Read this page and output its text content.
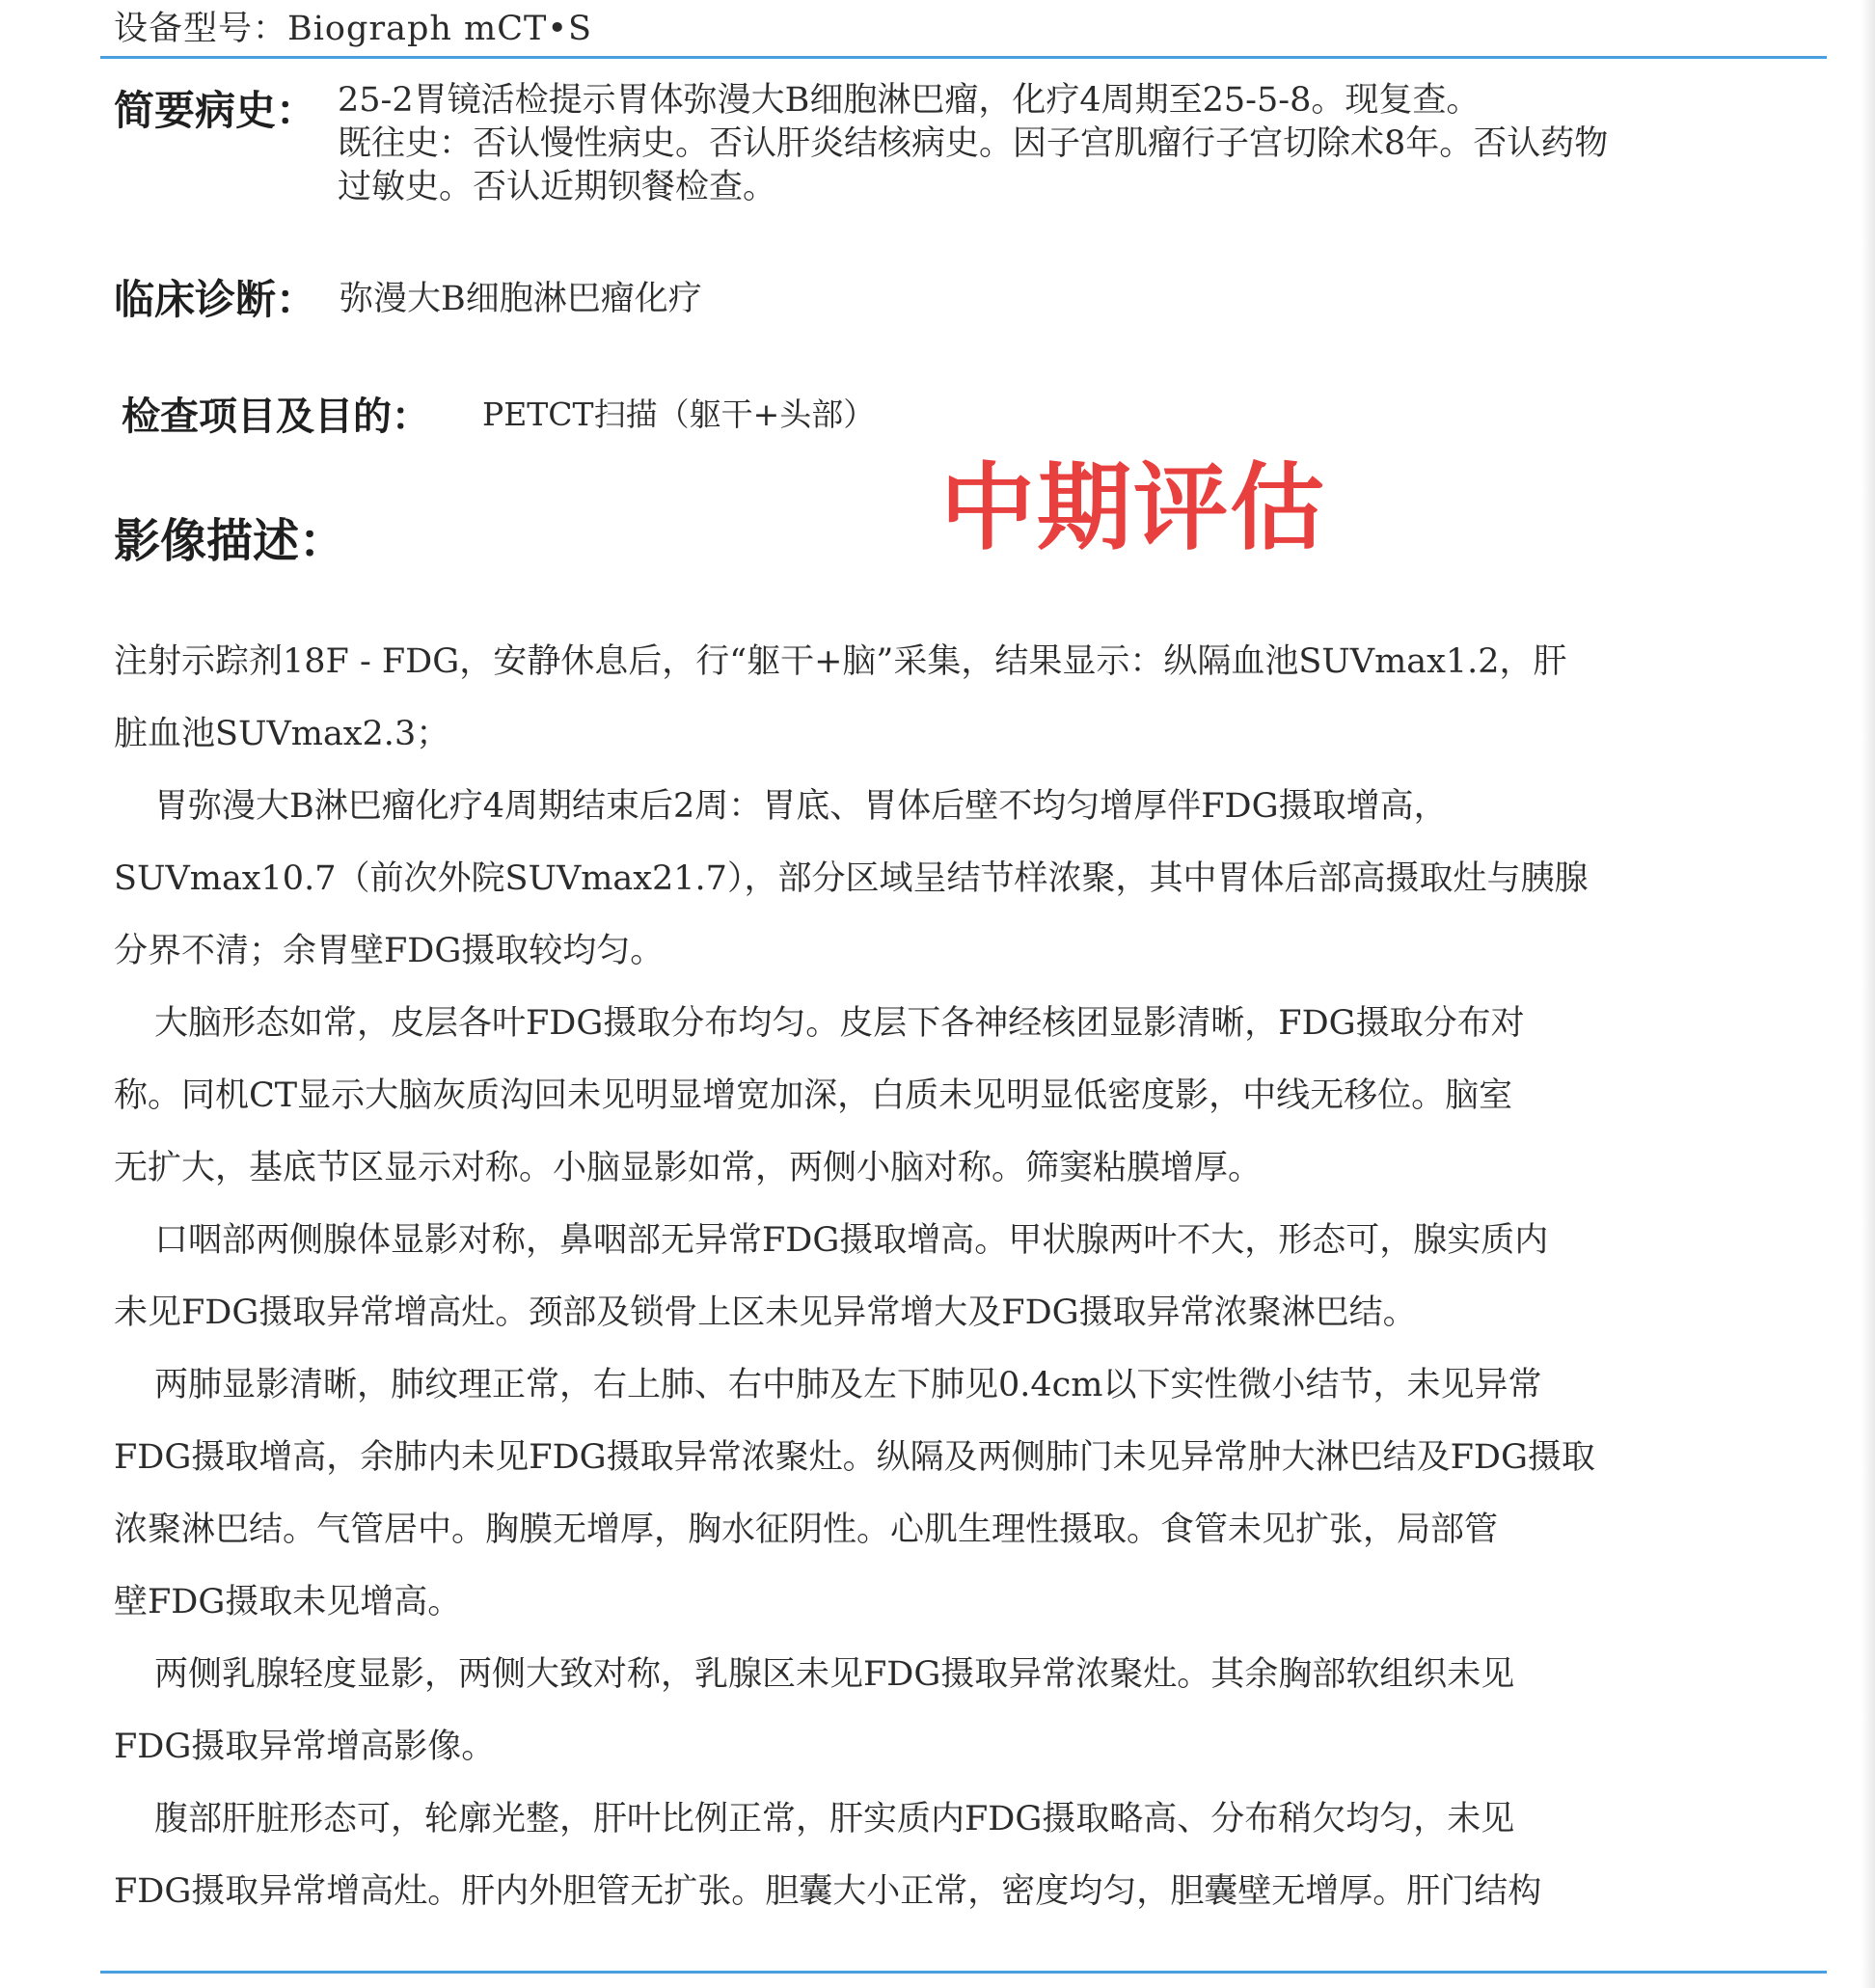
设备型号：Biograph mCT•S
简要病史： 25-2胃镜活检提示胃体弥漫大B细胞淋巴瘤，化疗4周期至25-5-8。现复查。
既往史：否认慢性病史。否认肝炎结核病史。因子宫肌瘤行子宫切除术8年。否认药物
过敏史。否认近期钡餐检查。
临床诊断： 弥漫大B细胞淋巴瘤化疗
检查项目及目的： PETCT扫描（躯干+头部）
中期评估
影像描述：

注射示踪剂18F - FDG，安静休息后，行“躯干+脑”采集，结果显示：纵隔血池SUVmax1.2，肝

脏血池SUVmax2.3；

胃弥漫大B淋巴瘤化疗4周期结束后2周：胃底、胃体后壁不均匀增厚伴FDG摄取增高，

SUVmax10.7（前次外院SUVmax21.7），部分区域呈结节样浓聚，其中胃体后部高摄取灶与胰腺

分界不清；余胃壁FDG摄取较均匀。

大脑形态如常，皮层各叶FDG摄取分布均匀。皮层下各神经核团显影清晰，FDG摄取分布对

称。同机CT显示大脑灰质沟回未见明显增宽加深，白质未见明显低密度影，中线无移位。脑室

无扩大，基底节区显示对称。小脑显影如常，两侧小脑对称。筛窦粘膜增厚。

口咽部两侧腺体显影对称，鼻咽部无异常FDG摄取增高。甲状腺两叶不大，形态可，腺实质内

未见FDG摄取异常增高灶。颈部及锁骨上区未见异常增大及FDG摄取异常浓聚淋巴结。

两肺显影清晰，肺纹理正常，右上肺、右中肺及左下肺见0.4cm以下实性微小结节，未见异常

FDG摄取增高，余肺内未见FDG摄取异常浓聚灶。纵隔及两侧肺门未见异常肿大淋巴结及FDG摄取

浓聚淋巴结。气管居中。胸膜无增厚，胸水征阴性。心肌生理性摄取。食管未见扩张，局部管

壁FDG摄取未见增高。

两侧乳腺轻度显影，两侧大致对称，乳腺区未见FDG摄取异常浓聚灶。其余胸部软组织未见

FDG摄取异常增高影像。

腹部肝脏形态可，轮廓光整，肝叶比例正常，肝实质内FDG摄取略高、分布稍欠均匀，未见

FDG摄取异常增高灶。肝内外胆管无扩张。胆囊大小正常，密度均匀，胆囊壁无增厚。肝门结构
